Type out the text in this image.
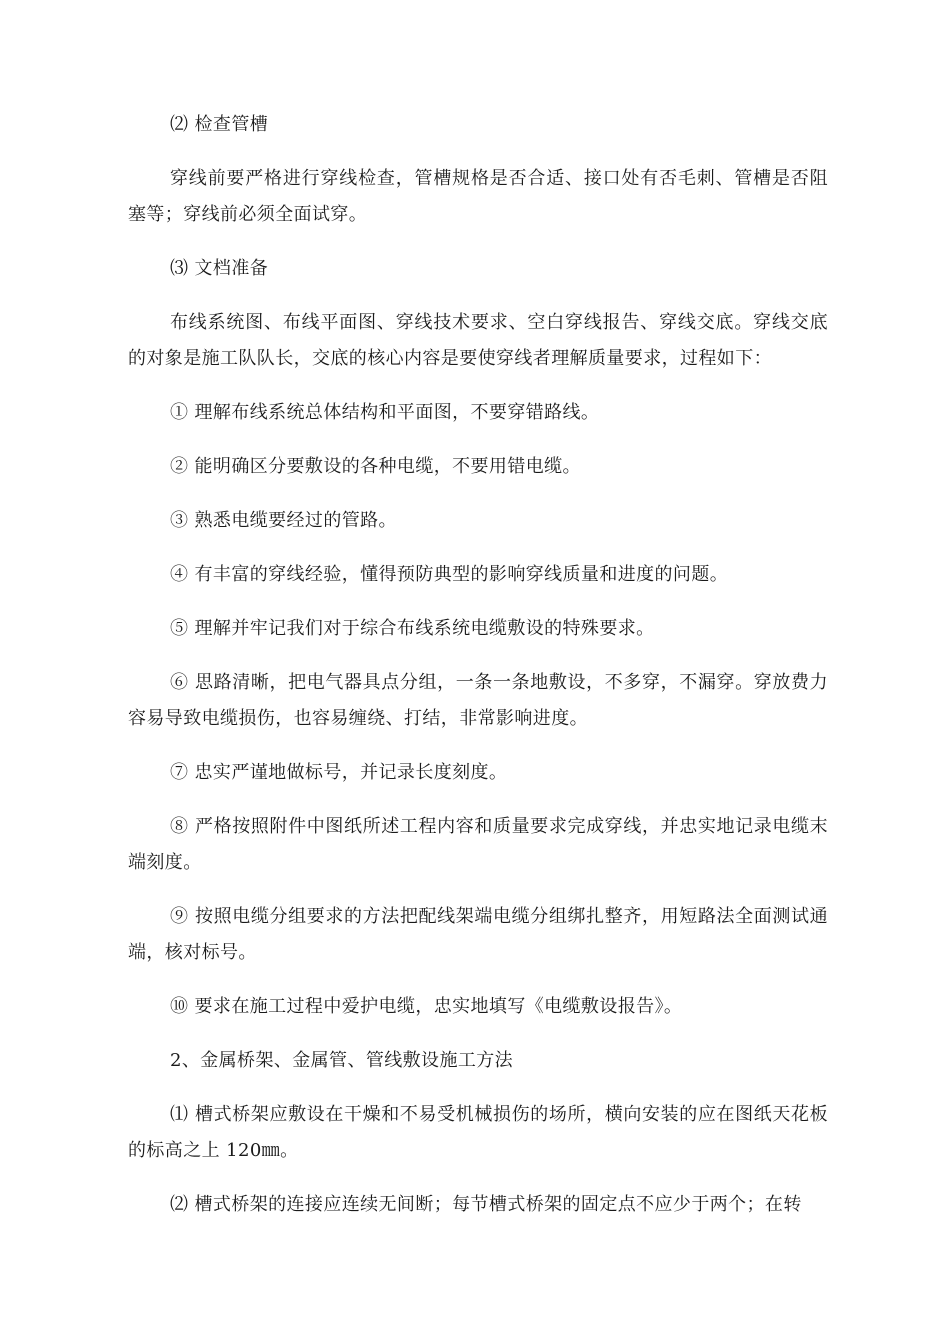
⑵ 检查管槽

穿线前要严格进行穿线检查，管槽规格是否合适、接口处有否毛刺、管槽是否阻塞等；穿线前必须全面试穿。

⑶ 文档准备

布线系统图、布线平面图、穿线技术要求、空白穿线报告、穿线交底。穿线交底的对象是施工队队长，交底的核心内容是要使穿线者理解质量要求，过程如下：

① 理解布线系统总体结构和平面图，不要穿错路线。

② 能明确区分要敷设的各种电缆，不要用错电缆。

③ 熟悉电缆要经过的管路。

④ 有丰富的穿线经验，懂得预防典型的影响穿线质量和进度的问题。

⑤ 理解并牢记我们对于综合布线系统电缆敷设的特殊要求。

⑥ 思路清晰，把电气器具点分组，一条一条地敷设，不多穿，不漏穿。穿放费力容易导致电缆损伤，也容易缠绕、打结，非常影响进度。

⑦ 忠实严谨地做标号，并记录长度刻度。

⑧ 严格按照附件中图纸所述工程内容和质量要求完成穿线，并忠实地记录电缆末端刻度。

⑨ 按照电缆分组要求的方法把配线架端电缆分组绑扎整齐，用短路法全面测试通端，核对标号。

⑩ 要求在施工过程中爱护电缆，忠实地填写《电缆敷设报告》。

2、金属桥架、金属管、管线敷设施工方法

⑴ 槽式桥架应敷设在干燥和不易受机械损伤的场所，横向安装的应在图纸天花板的标高之上 120㎜。

⑵ 槽式桥架的连接应连续无间断；每节槽式桥架的固定点不应少于两个；在转
